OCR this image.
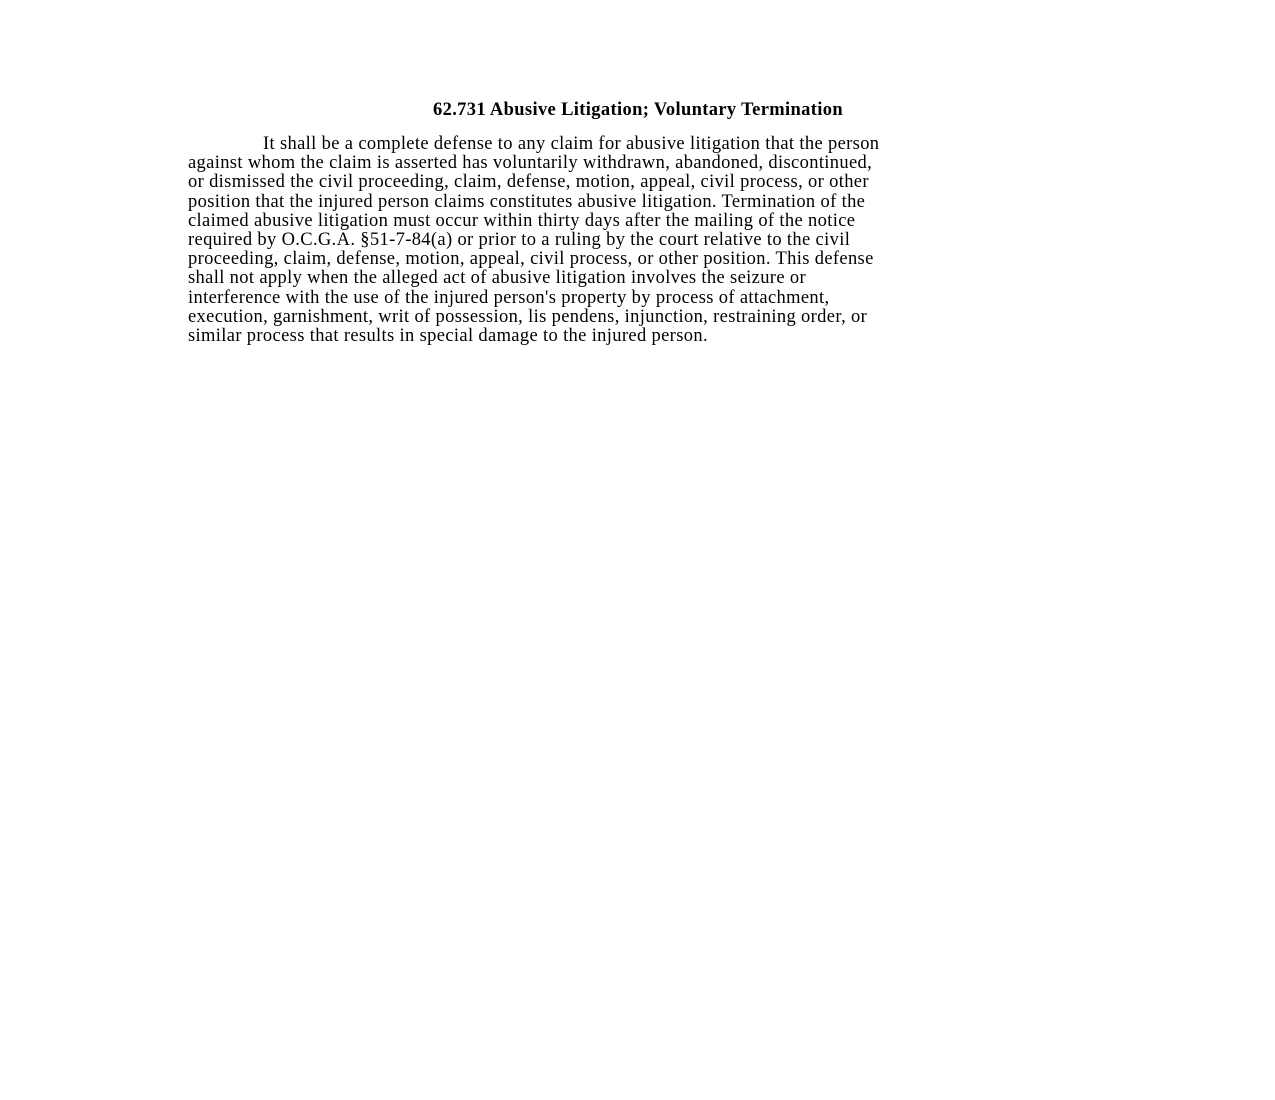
62.731 Abusive Litigation; Voluntary Termination
It shall be a complete defense to any claim for abusive litigation that the person
against whom the claim is asserted has voluntarily withdrawn, abandoned, discontinued,
or dismissed the civil proceeding, claim, defense, motion, appeal, civil process, or other
position that the injured person claims constitutes abusive litigation. Termination of the
claimed abusive litigation must occur within thirty days after the mailing of the notice
required by O.C.G.A. §51-7-84(a) or prior to a ruling by the court relative to the civil
proceeding, claim, defense, motion, appeal, civil process, or other position. This defense
shall not apply when the alleged act of abusive litigation involves the seizure or
interference with the use of the injured person's property by process of attachment,
execution, garnishment, writ of possession, lis pendens, injunction, restraining order, or
similar process that results in special damage to the injured person.
